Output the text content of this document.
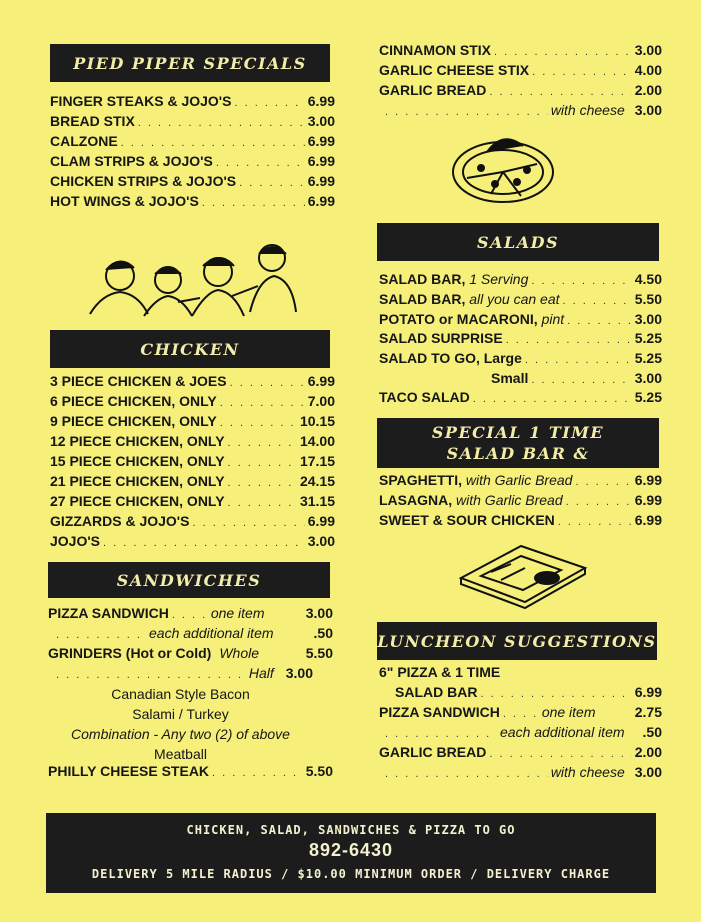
PIED PIPER SPECIALS
FINGER STEAKS & JOJO'S . . .	6.99
BREAD STIX . . .	3.00
CALZONE . . .	6.99
CLAM STRIPS & JOJO'S . . .	6.99
CHICKEN STRIPS & JOJO'S . . .	6.99
HOT WINGS & JOJO'S . . .	6.99
CHICKEN
3 PIECE CHICKEN & JOES . . .	6.99
6 PIECE CHICKEN, ONLY . . .	7.00
9 PIECE CHICKEN, ONLY . . .	10.15
12 PIECE CHICKEN, ONLY . . .	14.00
15 PIECE CHICKEN, ONLY . . .	17.15
21 PIECE CHICKEN, ONLY . . .	24.15
27 PIECE CHICKEN, ONLY . . .	31.15
GIZZARDS & JOJO'S . . .	6.99
JOJO'S . . .	3.00
SANDWICHES
PIZZA SANDWICH . . .	one item	3.00
. . .
each additional item	.50
GRINDERS (Hot or Cold) Whole	5.50
. . .
Half 3.00
Canadian Style Bacon
Salami / Turkey
Combination - Any two (2) of above
Meatball
PHILLY CHEESE STEAK . . .	5.50
CINNAMON STIX . . .	3.00
GARLIC CHEESE STIX . . .	4.00
GARLIC BREAD . . .	2.00
. . .
with cheese 3.00
SALADS
SALAD BAR,
1 Serving . . .	4.50
SALAD BAR,
all you can eat . . .	5.50
POTATO or MACARONI,
pint . . .	3.00
SALAD SURPRISE . . .	5.25
SALAD TO GO, Large . . .	5.25
Small . . .	3.00
TACO SALAD . . .	5.25
SPECIAL 1 TIME
SALAD BAR &
SPAGHETTI,
with Garlic Bread . . .	6.99
LASAGNA,
with Garlic Bread . . .	6.99
SWEET & SOUR CHICKEN . . .	6.99
LUNCHEON SUGGESTIONS
6" PIZZA & 1 TIME
SALAD BAR . . .	6.99
PIZZA SANDWICH . . .	one item	2.75
. . .
each additional item .50
GARLIC BREAD . . .	2.00
. . .
with cheese 3.00
CHICKEN, SALAD, SANDWICHES & PIZZA TO GO
892-6430
DELIVERY 5 MILE RADIUS / $10.00 MINIMUM ORDER / DELIVERY CHARGE
